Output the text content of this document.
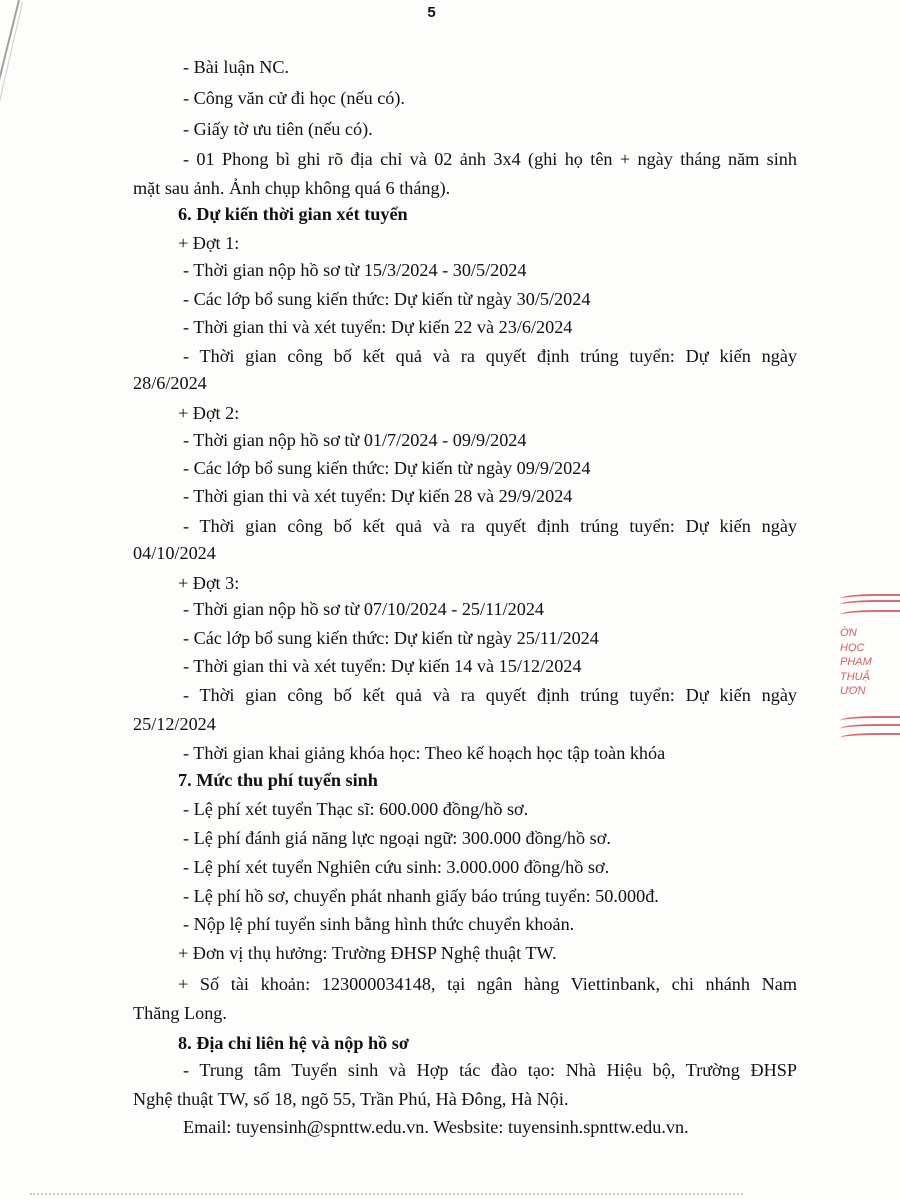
5
- Bài luận NC.
- Công văn cử đi học (nếu có).
- Giấy tờ ưu tiên (nếu có).
- 01 Phong bì ghi rõ địa chỉ và 02 ảnh 3x4 (ghi họ tên + ngày tháng năm sinh
mặt sau ảnh. Ảnh chụp không quá 6 tháng).
6. Dự kiến thời gian xét tuyển
+ Đợt 1:
- Thời gian nộp hồ sơ từ 15/3/2024 - 30/5/2024
- Các lớp bổ sung kiến thức: Dự kiến từ ngày 30/5/2024
- Thời gian thi và xét tuyển: Dự kiến 22 và 23/6/2024
- Thời gian công bố kết quả và ra quyết định trúng tuyển: Dự kiến ngày
28/6/2024
+ Đợt 2:
- Thời gian nộp hồ sơ từ 01/7/2024 - 09/9/2024
- Các lớp bổ sung kiến thức: Dự kiến từ ngày 09/9/2024
- Thời gian thi và xét tuyển: Dự kiến 28 và 29/9/2024
- Thời gian công bố kết quả và ra quyết định trúng tuyển: Dự kiến ngày
04/10/2024
+ Đợt 3:
- Thời gian nộp hồ sơ từ 07/10/2024 - 25/11/2024
- Các lớp bổ sung kiến thức: Dự kiến từ ngày 25/11/2024
- Thời gian thi và xét tuyển: Dự kiến 14 và 15/12/2024
- Thời gian công bố kết quả và ra quyết định trúng tuyển: Dự kiến ngày
25/12/2024
- Thời gian khai giảng khóa học: Theo kế hoạch học tập toàn khóa
7. Mức thu phí tuyển sinh
- Lệ phí xét tuyển Thạc sĩ: 600.000 đồng/hồ sơ.
- Lệ phí đánh giá năng lực ngoại ngữ: 300.000 đồng/hồ sơ.
- Lệ phí xét tuyển Nghiên cứu sinh: 3.000.000 đồng/hồ sơ.
- Lệ phí hồ sơ, chuyển phát nhanh giấy báo trúng tuyển: 50.000đ.
- Nộp lệ phí tuyển sinh bằng hình thức chuyển khoản.
+ Đơn vị thụ hưởng: Trường ĐHSP Nghệ thuật TW.
+ Số tài khoản: 123000034148, tại ngân hàng Viettinbank, chi nhánh Nam
Thăng Long.
8. Địa chỉ liên hệ và nộp hồ sơ
- Trung tâm Tuyển sinh và Hợp tác đào tạo: Nhà Hiệu bộ, Trường ĐHSP
Nghệ thuật TW, số 18, ngõ 55, Trần Phú, Hà Đông, Hà Nội.
Email: tuyensinh@spnttw.edu.vn. Wesbsite: tuyensinh.spnttw.edu.vn.
ỜN
HỌC
PHẠM
THUẬ
ƯƠN
